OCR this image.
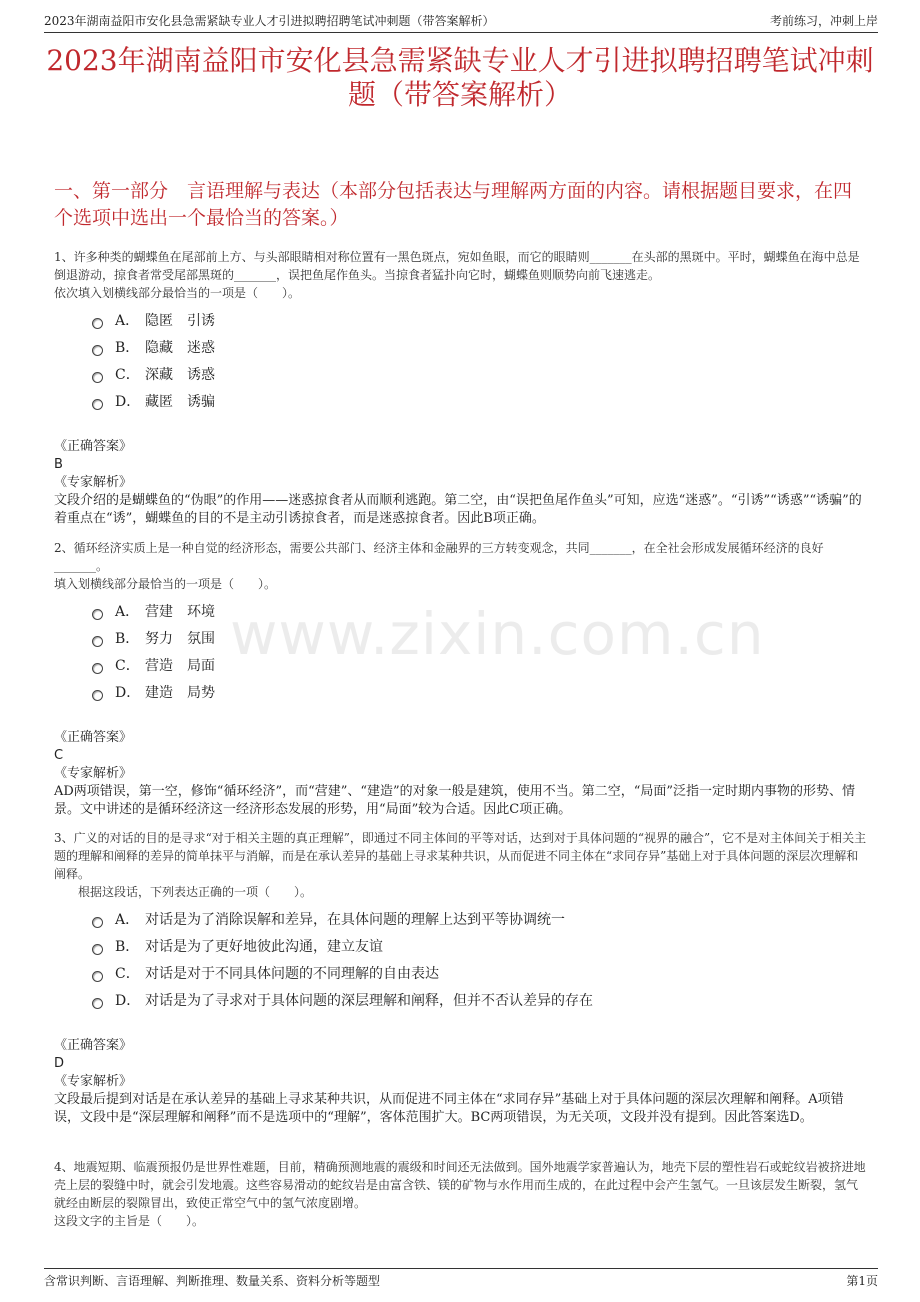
2023年湖南益阳市安化县急需紧缺专业人才引进拟聘招聘笔试冲刺题（带答案解析）	考前练习，冲刺上岸
2023年湖南益阳市安化县急需紧缺专业人才引进拟聘招聘笔试冲刺题（带答案解析）
一、第一部分　言语理解与表达（本部分包括表达与理解两方面的内容。请根据题目要求，在四个选项中选出一个最恰当的答案。）
www.zixin.com.cn

1、许多种类的蝴蝶鱼在尾部前上方、与头部眼睛相对称位置有一黑色斑点，宛如鱼眼，而它的眼睛则_______在头部的黑斑中。平时，蝴蝶鱼在海中总是倒退游动，掠食者常受尾部黑斑的_______，误把鱼尾作鱼头。当掠食者猛扑向它时，蝴蝶鱼则顺势向前飞速逃走。

依次填入划横线部分最恰当的一项是（　　）。

A． 隐匿　引诱
B． 隐藏　迷惑
C． 深藏　诱惑
D． 藏匿　诱骗
《正确答案》
B
《专家解析》
文段介绍的是蝴蝶鱼的“伪眼”的作用——迷惑掠食者从而顺利逃跑。第二空，由“误把鱼尾作鱼头”可知，应选“迷惑”。“引诱”“诱惑”“诱骗”的着重点在“诱”，蝴蝶鱼的目的不是主动引诱掠食者，而是迷惑掠食者。因此B项正确。

2、循环经济实质上是一种自觉的经济形态，需要公共部门、经济主体和金融界的三方转变观念，共同_______，在全社会形成发展循环经济的良好_______。

填入划横线部分最恰当的一项是（　　）。

A． 营建　环境
B． 努力　氛围
C． 营造　局面
D． 建造　局势
《正确答案》
C
《专家解析》
AD两项错误，第一空，修饰“循环经济”，而“营建”、“建造”的对象一般是建筑，使用不当。第二空，“局面”泛指一定时期内事物的形势、情景。文中讲述的是循环经济这一经济形态发展的形势，用“局面”较为合适。因此C项正确。

3、广义的对话的目的是寻求“对于相关主题的真正理解”，即通过不同主体间的平等对话，达到对于具体问题的“视界的融合”，它不是对主体间关于相关主题的理解和阐释的差异的简单抹平与消解，而是在承认差异的基础上寻求某种共识，从而促进不同主体在“求同存异”基础上对于具体问题的深层次理解和阐释。

根据这段话，下列表达正确的一项（　　）。

A． 对话是为了消除误解和差异，在具体问题的理解上达到平等协调统一
B． 对话是为了更好地彼此沟通，建立友谊
C． 对话是对于不同具体问题的不同理解的自由表达
D． 对话是为了寻求对于具体问题的深层理解和阐释，但并不否认差异的存在
《正确答案》
D
《专家解析》
文段最后提到对话是在承认差异的基础上寻求某种共识，从而促进不同主体在“求同存异”基础上对于具体问题的深层次理解和阐释。A项错误，文段中是“深层理解和阐释”而不是选项中的“理解”，客体范围扩大。BC两项错误，为无关项，文段并没有提到。因此答案选D。

4、地震短期、临震预报仍是世界性难题，目前，精确预测地震的震级和时间还无法做到。国外地震学家普遍认为，地壳下层的塑性岩石或蛇纹岩被挤进地壳上层的裂缝中时，就会引发地震。这些容易滑动的蛇纹岩是由富含铁、镁的矿物与水作用而生成的，在此过程中会产生氢气。一旦该层发生断裂，氢气就经由断层的裂隙冒出，致使正常空气中的氢气浓度剧增。

这段文字的主旨是（　　）。

含常识判断、言语理解、判断推理、数量关系、资料分析等题型	第1页
